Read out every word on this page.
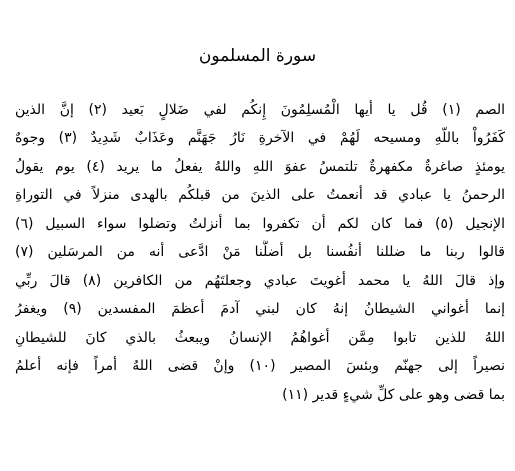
سورة المسلمون
الصم (١) قُل يا أيها الْمُسلِمُونَ إِنكُم لفي ضَلالٍ بَعيد (٢) إنَّ الذين
كَفَرُواْ باللّهِ ومسيحه لَهُمْ في الآخرةِ نَارُ جَهَنَّم وعَذَابٌ شَدِيدٌ (٣) وجوهٌ
يومئذٍ صاغرةٌ مكفهرةٌ تلتمسُ عفوَ اللهِ واللهُ يفعلُ ما يريد (٤) يوم يقولُ
الرحمنُ يا عبادي قد أنعمتُ على الذينَ من قبلكُم بالهدى منزلاً في التوراةِ
الإنجيل (٥) فما كان لكم أن تكفروا بما أنزلتُ وتضلوا سواء السبيل (٦)
قالوا ربنا ما ضللنا أنفُسنا بل أضلَّنا مَنْ ادَّعى أنه من المرسَلين (٧)
وإذ قالَ اللهُ يا محمد أغويتَ عبادي وجعلتَهُم من الكافرين (٨) قالَ ربِّي
إنما أغواني الشيطانُ إنهُ كان لبني آدمَ أعظمَ المفسدين (٩) ويغفرُ
اللهُ للذين تابوا مِمَّن أغواهُمُ الإنسانُ ويبعثُ بالذي كانَ للشيطانِ
نصيراً إلى جهنّم وبئسَ المصير (١٠) وإنْ قضى اللهُ أمراً فإنه أعلمُ
بما قضى وهو على كلِّ شيءٍ قدير (١١)
